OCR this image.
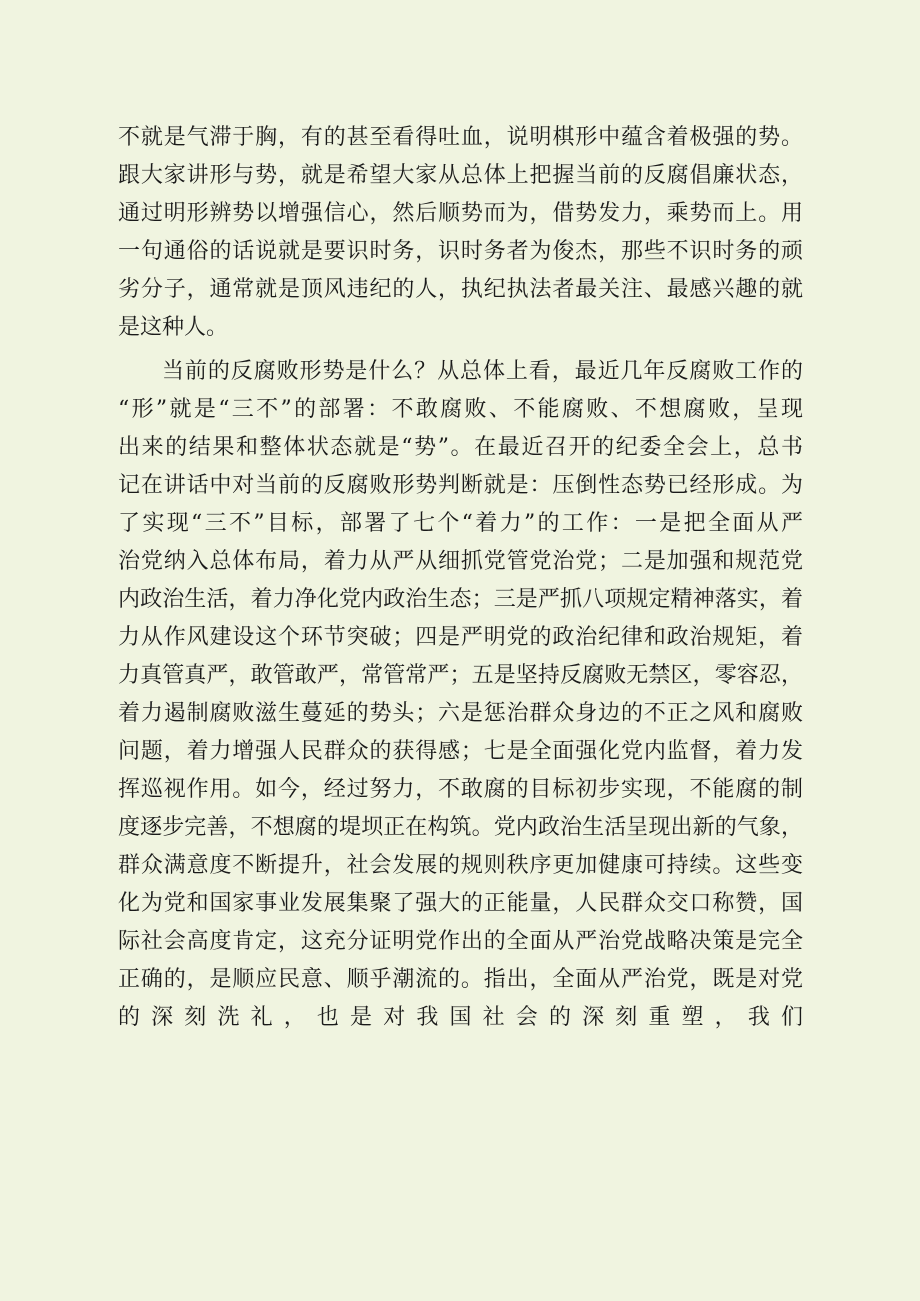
不就是气滞于胸，有的甚至看得吐血，说明棋形中蕴含着极强的势。
跟大家讲形与势，就是希望大家从总体上把握当前的反腐倡廉状态，
通过明形辨势以增强信心，然后顺势而为，借势发力，乘势而上。用
一句通俗的话说就是要识时务，识时务者为俊杰，那些不识时务的顽
劣分子，通常就是顶风违纪的人，执纪执法者最关注、最感兴趣的就
是这种人。
当前的反腐败形势是什么？从总体上看，最近几年反腐败工作的
“形”就是“三不”的部署：不敢腐败、不能腐败、不想腐败，呈现
出来的结果和整体状态就是“势”。在最近召开的纪委全会上，总书
记在讲话中对当前的反腐败形势判断就是：压倒性态势已经形成。为
了实现“三不”目标，部署了七个“着力”的工作：一是把全面从严
治党纳入总体布局，着力从严从细抓党管党治党；二是加强和规范党
内政治生活，着力净化党内政治生态；三是严抓八项规定精神落实，着
力从作风建设这个环节突破；四是严明党的政治纪律和政治规矩，着
力真管真严，敢管敢严，常管常严；五是坚持反腐败无禁区，零容忍，
着力遏制腐败滋生蔓延的势头；六是惩治群众身边的不正之风和腐败
问题，着力增强人民群众的获得感；七是全面强化党内监督，着力发
挥巡视作用。如今，经过努力，不敢腐的目标初步实现，不能腐的制
度逐步完善，不想腐的堤坝正在构筑。党内政治生活呈现出新的气象，
群众满意度不断提升，社会发展的规则秩序更加健康可持续。这些变
化为党和国家事业发展集聚了强大的正能量，人民群众交口称赞，国
际社会高度肯定，这充分证明党作出的全面从严治党战略决策是完全
正确的，是顺应民意、顺乎潮流的。指出，全面从严治党，既是对党
的深刻洗礼，也是对我国社会的深刻重塑，我们
